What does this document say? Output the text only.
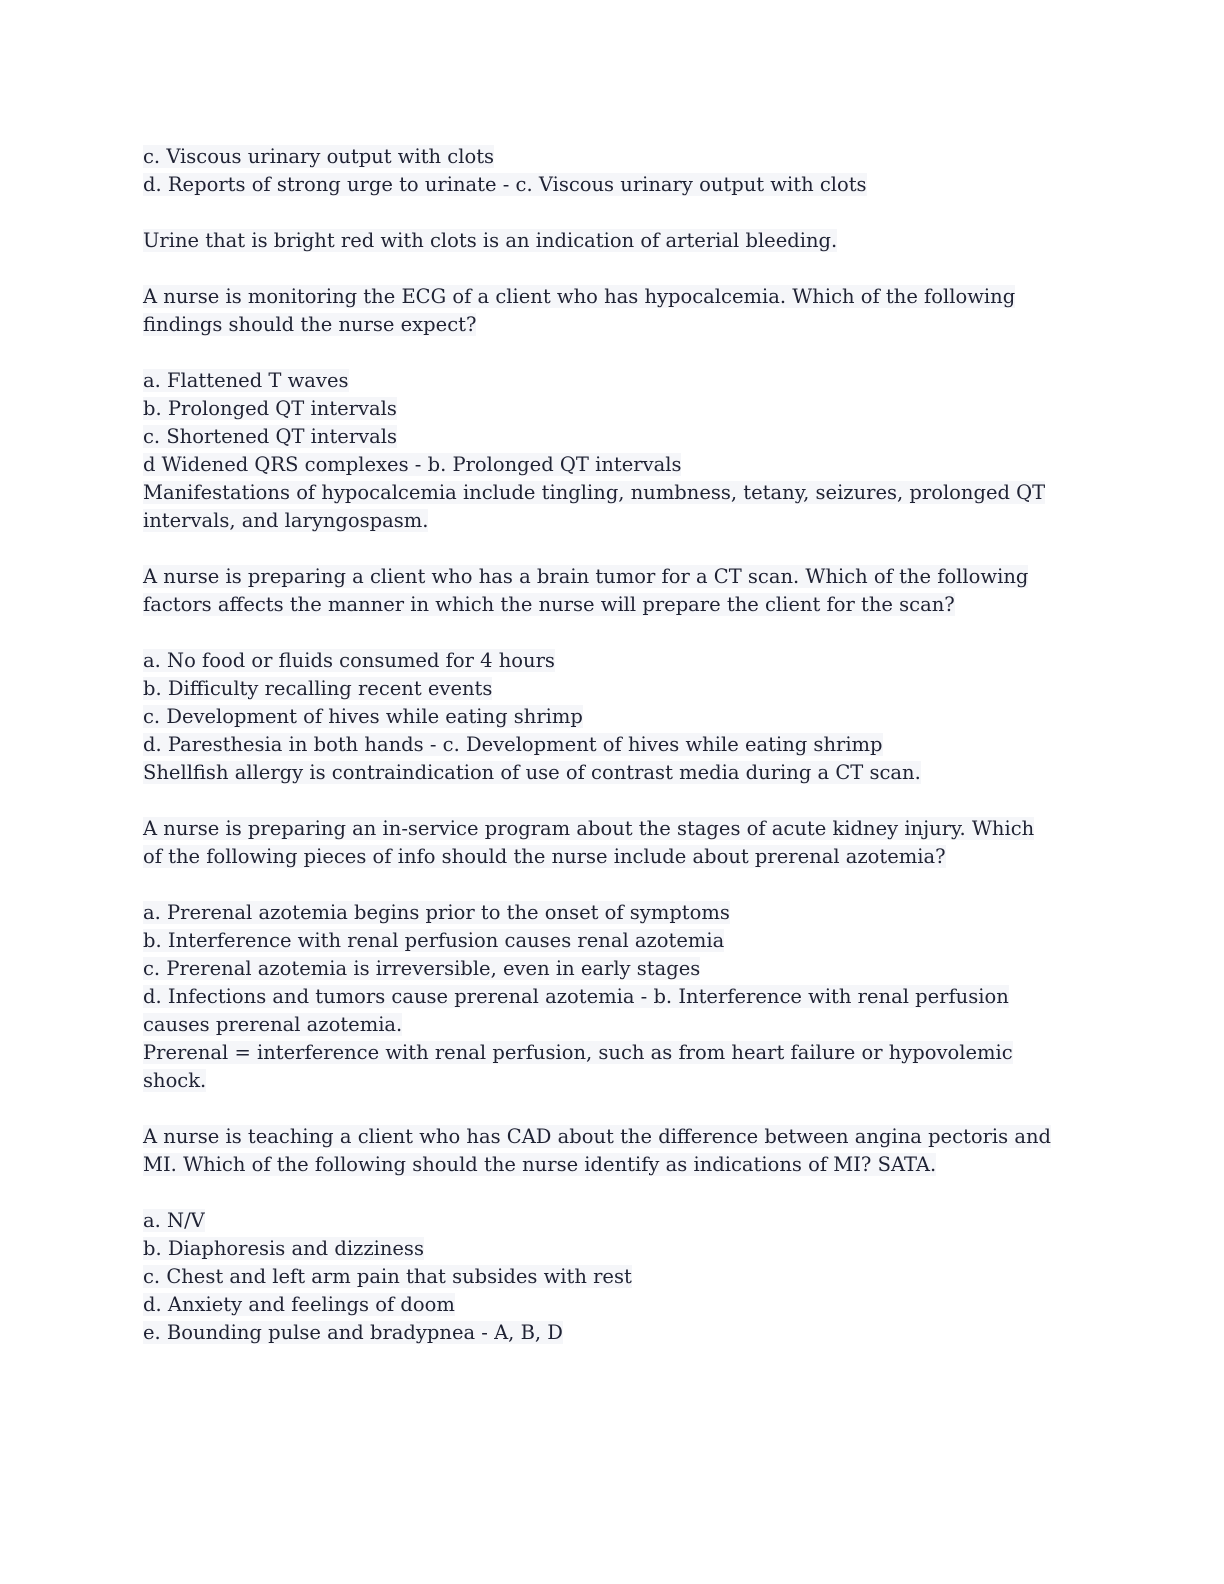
c. Viscous urinary output with clots
d. Reports of strong urge to urinate - c. Viscous urinary output with clots
Urine that is bright red with clots is an indication of arterial bleeding.
A nurse is monitoring the ECG of a client who has hypocalcemia. Which of the following
findings should the nurse expect?
a. Flattened T waves
b. Prolonged QT intervals
c. Shortened QT intervals
d Widened QRS complexes - b. Prolonged QT intervals
Manifestations of hypocalcemia include tingling, numbness, tetany, seizures, prolonged QT
intervals, and laryngospasm.
A nurse is preparing a client who has a brain tumor for a CT scan. Which of the following
factors affects the manner in which the nurse will prepare the client for the scan?
a. No food or fluids consumed for 4 hours
b. Difficulty recalling recent events
c. Development of hives while eating shrimp
d. Paresthesia in both hands - c. Development of hives while eating shrimp
Shellfish allergy is contraindication of use of contrast media during a CT scan.
A nurse is preparing an in-service program about the stages of acute kidney injury. Which
of the following pieces of info should the nurse include about prerenal azotemia?
a. Prerenal azotemia begins prior to the onset of symptoms
b. Interference with renal perfusion causes renal azotemia
c. Prerenal azotemia is irreversible, even in early stages
d. Infections and tumors cause prerenal azotemia - b. Interference with renal perfusion
causes prerenal azotemia.
Prerenal = interference with renal perfusion, such as from heart failure or hypovolemic
shock.
A nurse is teaching a client who has CAD about the difference between angina pectoris and
MI. Which of the following should the nurse identify as indications of MI? SATA.
a. N/V
b. Diaphoresis and dizziness
c. Chest and left arm pain that subsides with rest
d. Anxiety and feelings of doom
e. Bounding pulse and bradypnea - A, B, D
